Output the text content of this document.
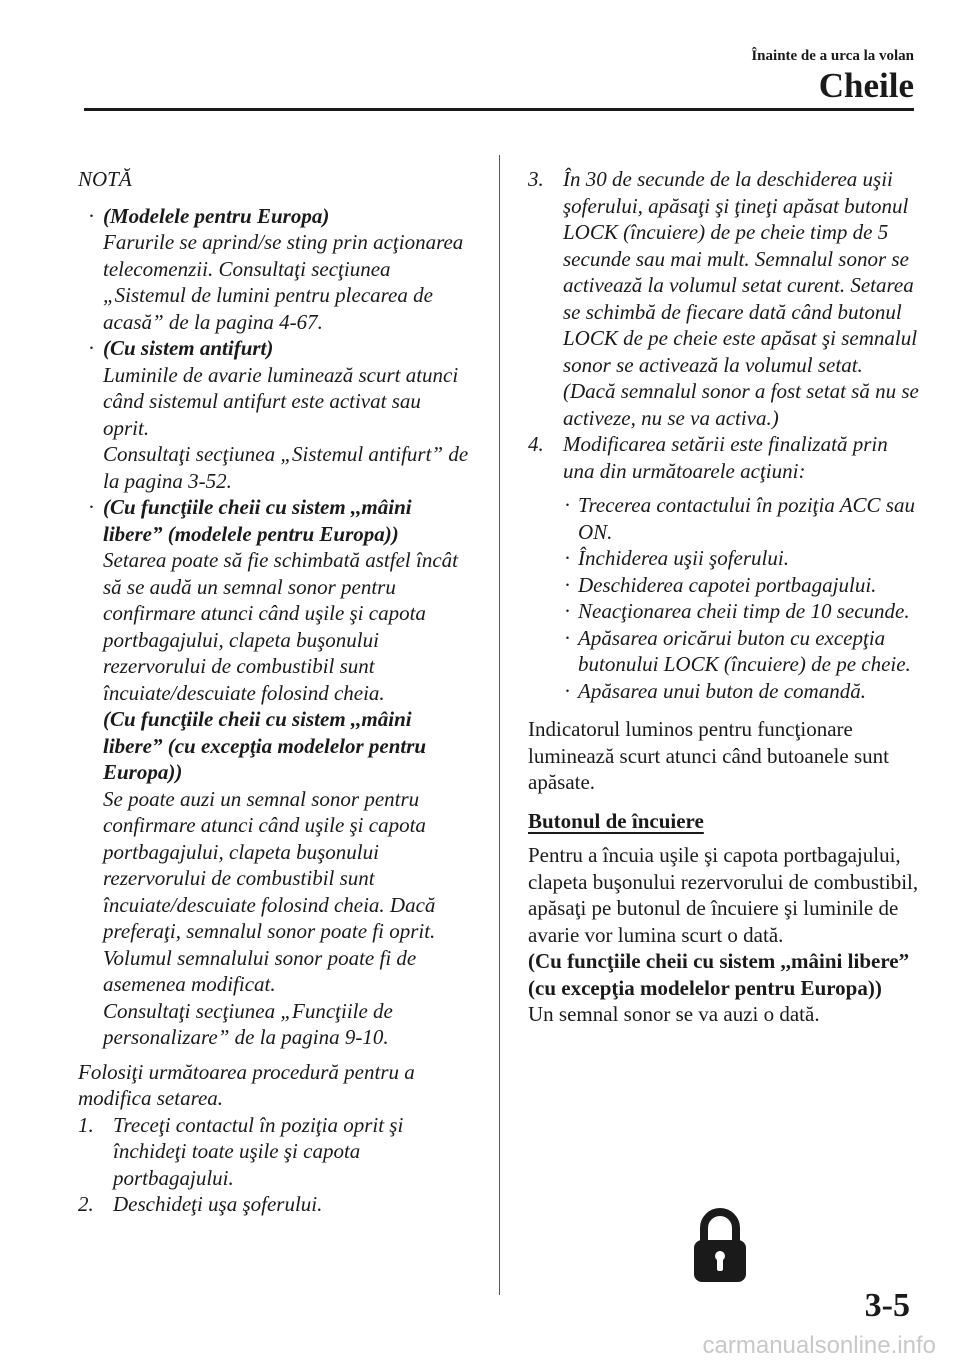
Înainte de a urca la volan
Cheile

NOTĂ

· (Modelele pentru Europa)

Farurile se aprind/se sting prin acţionarea telecomenzii. Consultaţi secţiunea „Sistemul de lumini pentru plecarea de acasă” de la pagina 4-67.

· (Cu sistem antifurt)

Luminile de avarie luminează scurt atunci când sistemul antifurt este activat sau oprit.

Consultaţi secţiunea „Sistemul antifurt” de la pagina 3-52.

· (Cu funcţiile cheii cu sistem ,,mâini libere” (modelele pentru Europa))

Setarea poate să fie schimbată astfel încât să se audă un semnal sonor pentru confirmare atunci când uşile şi capota portbagajului, clapeta buşonului rezervorului de combustibil sunt încuiate/descuiate folosind cheia.

(Cu funcţiile cheii cu sistem ,,mâini libere” (cu excepţia modelelor pentru Europa))

Se poate auzi un semnal sonor pentru confirmare atunci când uşile şi capota portbagajului, clapeta buşonului rezervorului de combustibil sunt încuiate/descuiate folosind cheia. Dacă preferaţi, semnalul sonor poate fi oprit. Volumul semnalului sonor poate fi de asemenea modificat.

Consultaţi secţiunea „Funcţiile de personalizare” de la pagina 9-10.

Folosiţi următoarea procedură pentru a modifica setarea.

1. Treceţi contactul în poziţia oprit şi închideţi toate uşile şi capota portbagajului.

2. Deschideţi uşa şoferului.

3. În 30 de secunde de la deschiderea uşii şoferului, apăsaţi şi ţineţi apăsat butonul LOCK (încuiere) de pe cheie timp de 5 secunde sau mai mult. Semnalul sonor se activează la volumul setat curent. Setarea se schimbă de fiecare dată când butonul LOCK de pe cheie este apăsat şi semnalul sonor se activează la volumul setat. (Dacă semnalul sonor a fost setat să nu se activeze, nu se va activa.)

4. Modificarea setării este finalizată prin una din următoarele acţiuni:

· Trecerea contactului în poziţia ACC sau ON.

· Închiderea uşii şoferului.

· Deschiderea capotei portbagajului.

· Neacţionarea cheii timp de 10 secunde.

· Apăsarea oricărui buton cu excepţia butonului LOCK (încuiere) de pe cheie.

· Apăsarea unui buton de comandă.

Indicatorul luminos pentru funcţionare luminează scurt atunci când butoanele sunt apăsate.

Butonul de încuiere

Pentru a încuia uşile şi capota portbagajului, clapeta buşonului rezervorului de combustibil, apăsaţi pe butonul de încuiere şi luminile de avarie vor lumina scurt o dată.

(Cu funcţiile cheii cu sistem ,,mâini libere” (cu excepţia modelelor pentru Europa))

Un semnal sonor se va auzi o dată.

3-5
carmanualsonline.info
